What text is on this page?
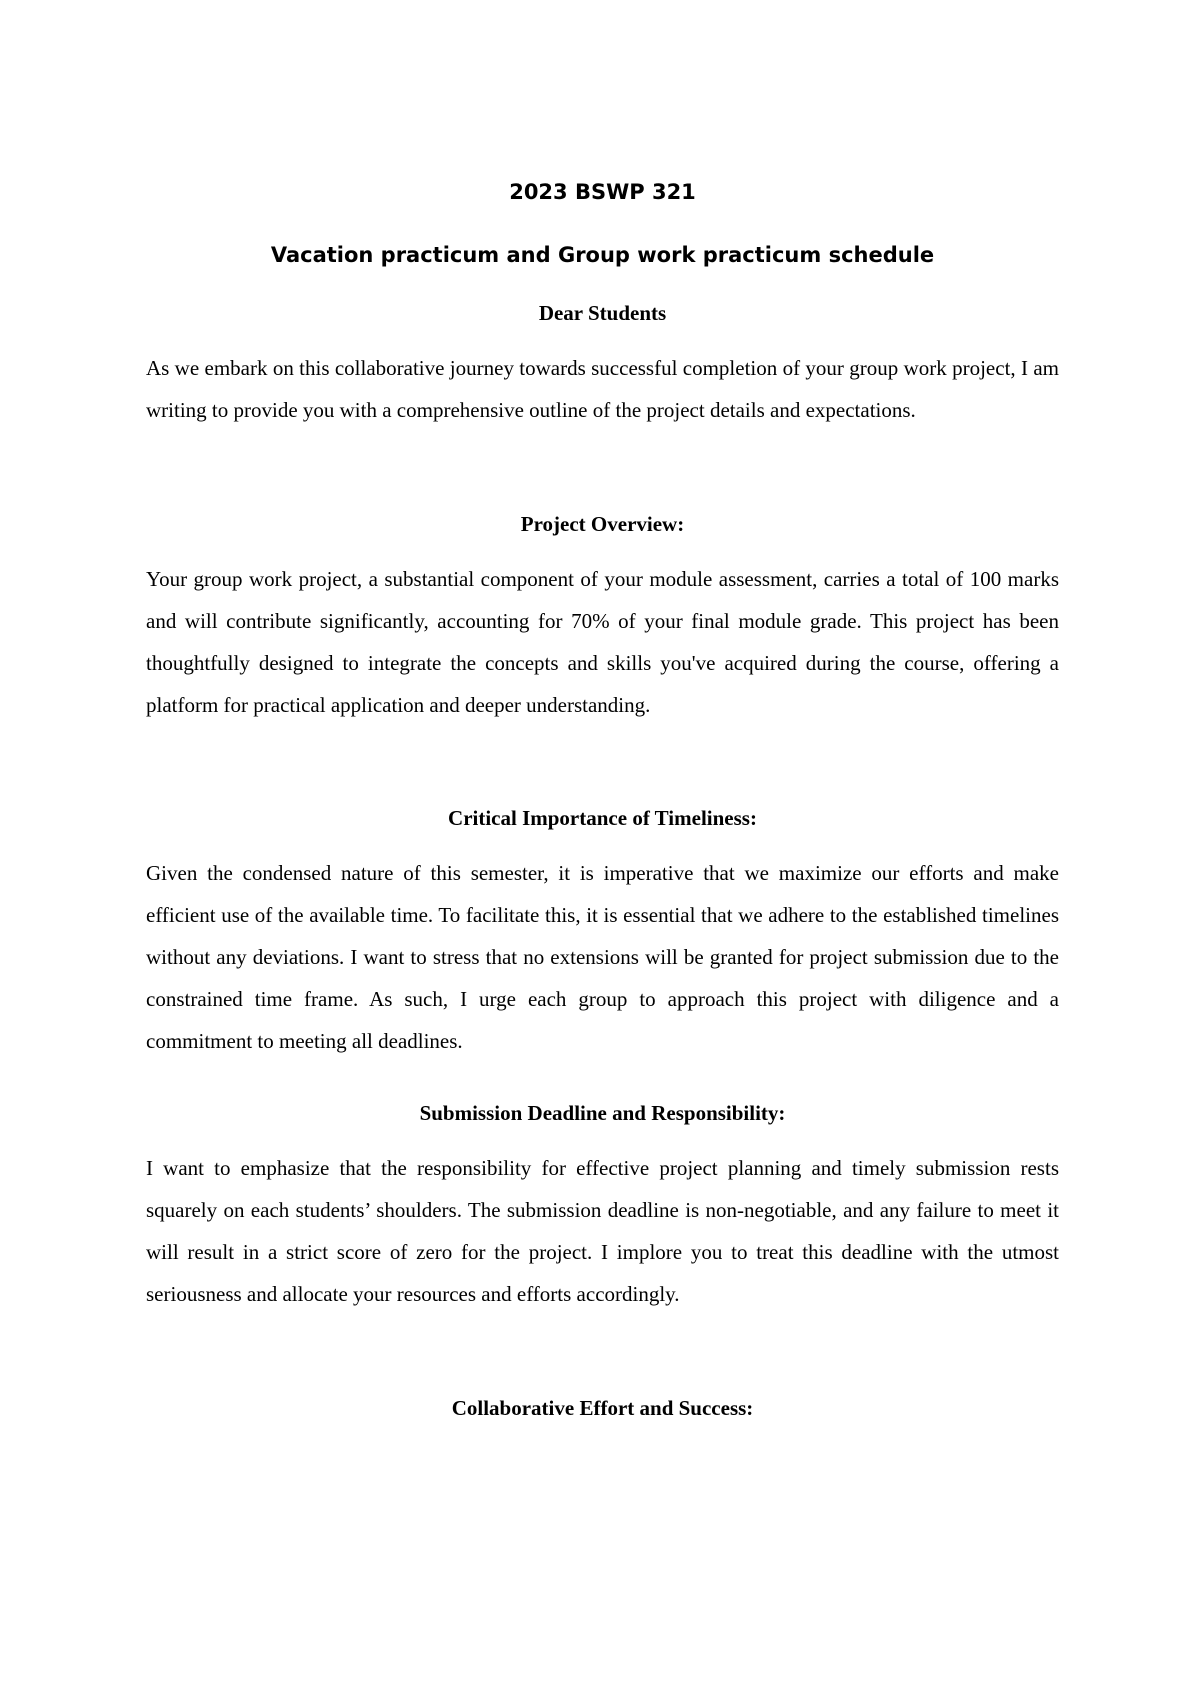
2023 BSWP 321
Vacation practicum and Group work practicum schedule

Dear Students

As we embark on this collaborative journey towards successful completion of your group work project, I am writing to provide you with a comprehensive outline of the project details and expectations.

Project Overview:

Your group work project, a substantial component of your module assessment, carries a total of 100 marks and will contribute significantly, accounting for 70% of your final module grade. This project has been thoughtfully designed to integrate the concepts and skills you've acquired during the course, offering a platform for practical application and deeper understanding.

Critical Importance of Timeliness:

Given the condensed nature of this semester, it is imperative that we maximize our efforts and make efficient use of the available time. To facilitate this, it is essential that we adhere to the established timelines without any deviations. I want to stress that no extensions will be granted for project submission due to the constrained time frame. As such, I urge each group to approach this project with diligence and a commitment to meeting all deadlines.

Submission Deadline and Responsibility:

I want to emphasize that the responsibility for effective project planning and timely submission rests squarely on each students’ shoulders. The submission deadline is non-negotiable, and any failure to meet it will result in a strict score of zero for the project. I implore you to treat this deadline with the utmost seriousness and allocate your resources and efforts accordingly.

Collaborative Effort and Success:
